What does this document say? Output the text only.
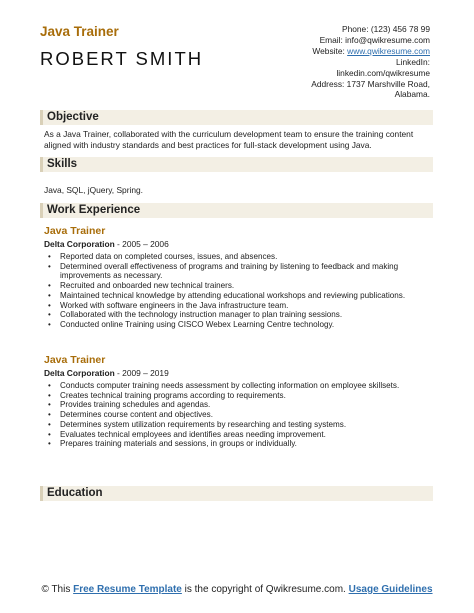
Java Trainer
ROBERT SMITH
Phone: (123) 456 78 99
Email: info@qwikresume.com
Website: www.qwikresume.com
LinkedIn:
linkedin.com/qwikresume
Address: 1737 Marshville Road,
Alabama.
Objective
As a Java Trainer, collaborated with the curriculum development team to ensure the training content aligned with industry standards and best practices for full-stack development using Java.
Skills
Java, SQL, jQuery, Spring.
Work Experience
Java Trainer
Delta Corporation - 2005 – 2006
• Reported data on completed courses, issues, and absences.
• Determined overall effectiveness of programs and training by listening to feedback and making improvements as necessary.
• Recruited and onboarded new technical trainers.
• Maintained technical knowledge by attending educational workshops and reviewing publications.
• Worked with software engineers in the Java infrastructure team.
• Collaborated with the technology instruction manager to plan training sessions.
• Conducted online Training using CISCO Webex Learning Centre technology.
Java Trainer
Delta Corporation - 2009 – 2019
• Conducts computer training needs assessment by collecting information on employee skillsets.
• Creates technical training programs according to requirements.
• Provides training schedules and agendas.
• Determines course content and objectives.
• Determines system utilization requirements by researching and testing systems.
• Evaluates technical employees and identifies areas needing improvement.
• Prepares training materials and sessions, in groups or individually.
Education
© This Free Resume Template is the copyright of Qwikresume.com. Usage Guidelines
